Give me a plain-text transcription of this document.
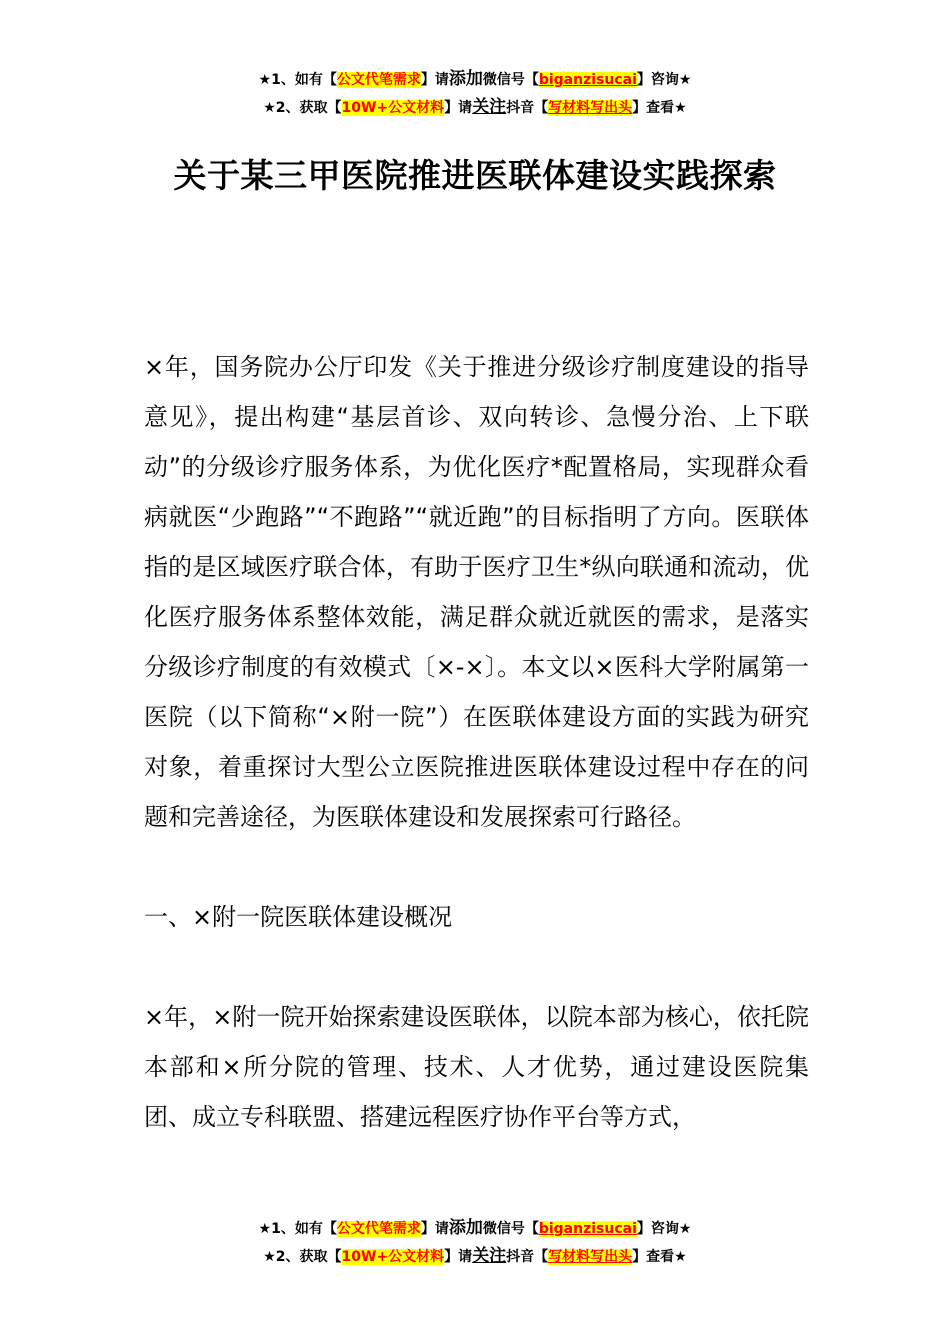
★1、如有【公文代笔需求】请添加微信号【biganzisucai】咨询★
★2、获取【10W+公文材料】请关注抖音【写材料写出头】查看★
关于某三甲医院推进医联体建设实践探索

×年，国务院办公厅印发《关于推进分级诊疗制度建设的指导意见》，提出构建“基层首诊、双向转诊、急慢分治、上下联动”的分级诊疗服务体系，为优化医疗*配置格局，实现群众看病就医“少跑路”“不跑路”“就近跑”的目标指明了方向。医联体指的是区域医疗联合体，有助于医疗卫生*纵向联通和流动，优化医疗服务体系整体效能，满足群众就近就医的需求，是落实分级诊疗制度的有效模式〔×-×〕。本文以×医科大学附属第一医院（以下简称“×附一院”）在医联体建设方面的实践为研究对象，着重探讨大型公立医院推进医联体建设过程中存在的问题和完善途径，为医联体建设和发展探索可行路径。

一、×附一院医联体建设概况

×年，×附一院开始探索建设医联体，以院本部为核心，依托院本部和×所分院的管理、技术、人才优势，通过建设医院集团、成立专科联盟、搭建远程医疗协作平台等方式，

★1、如有【公文代笔需求】请添加微信号【biganzisucai】咨询★
★2、获取【10W+公文材料】请关注抖音【写材料写出头】查看★
